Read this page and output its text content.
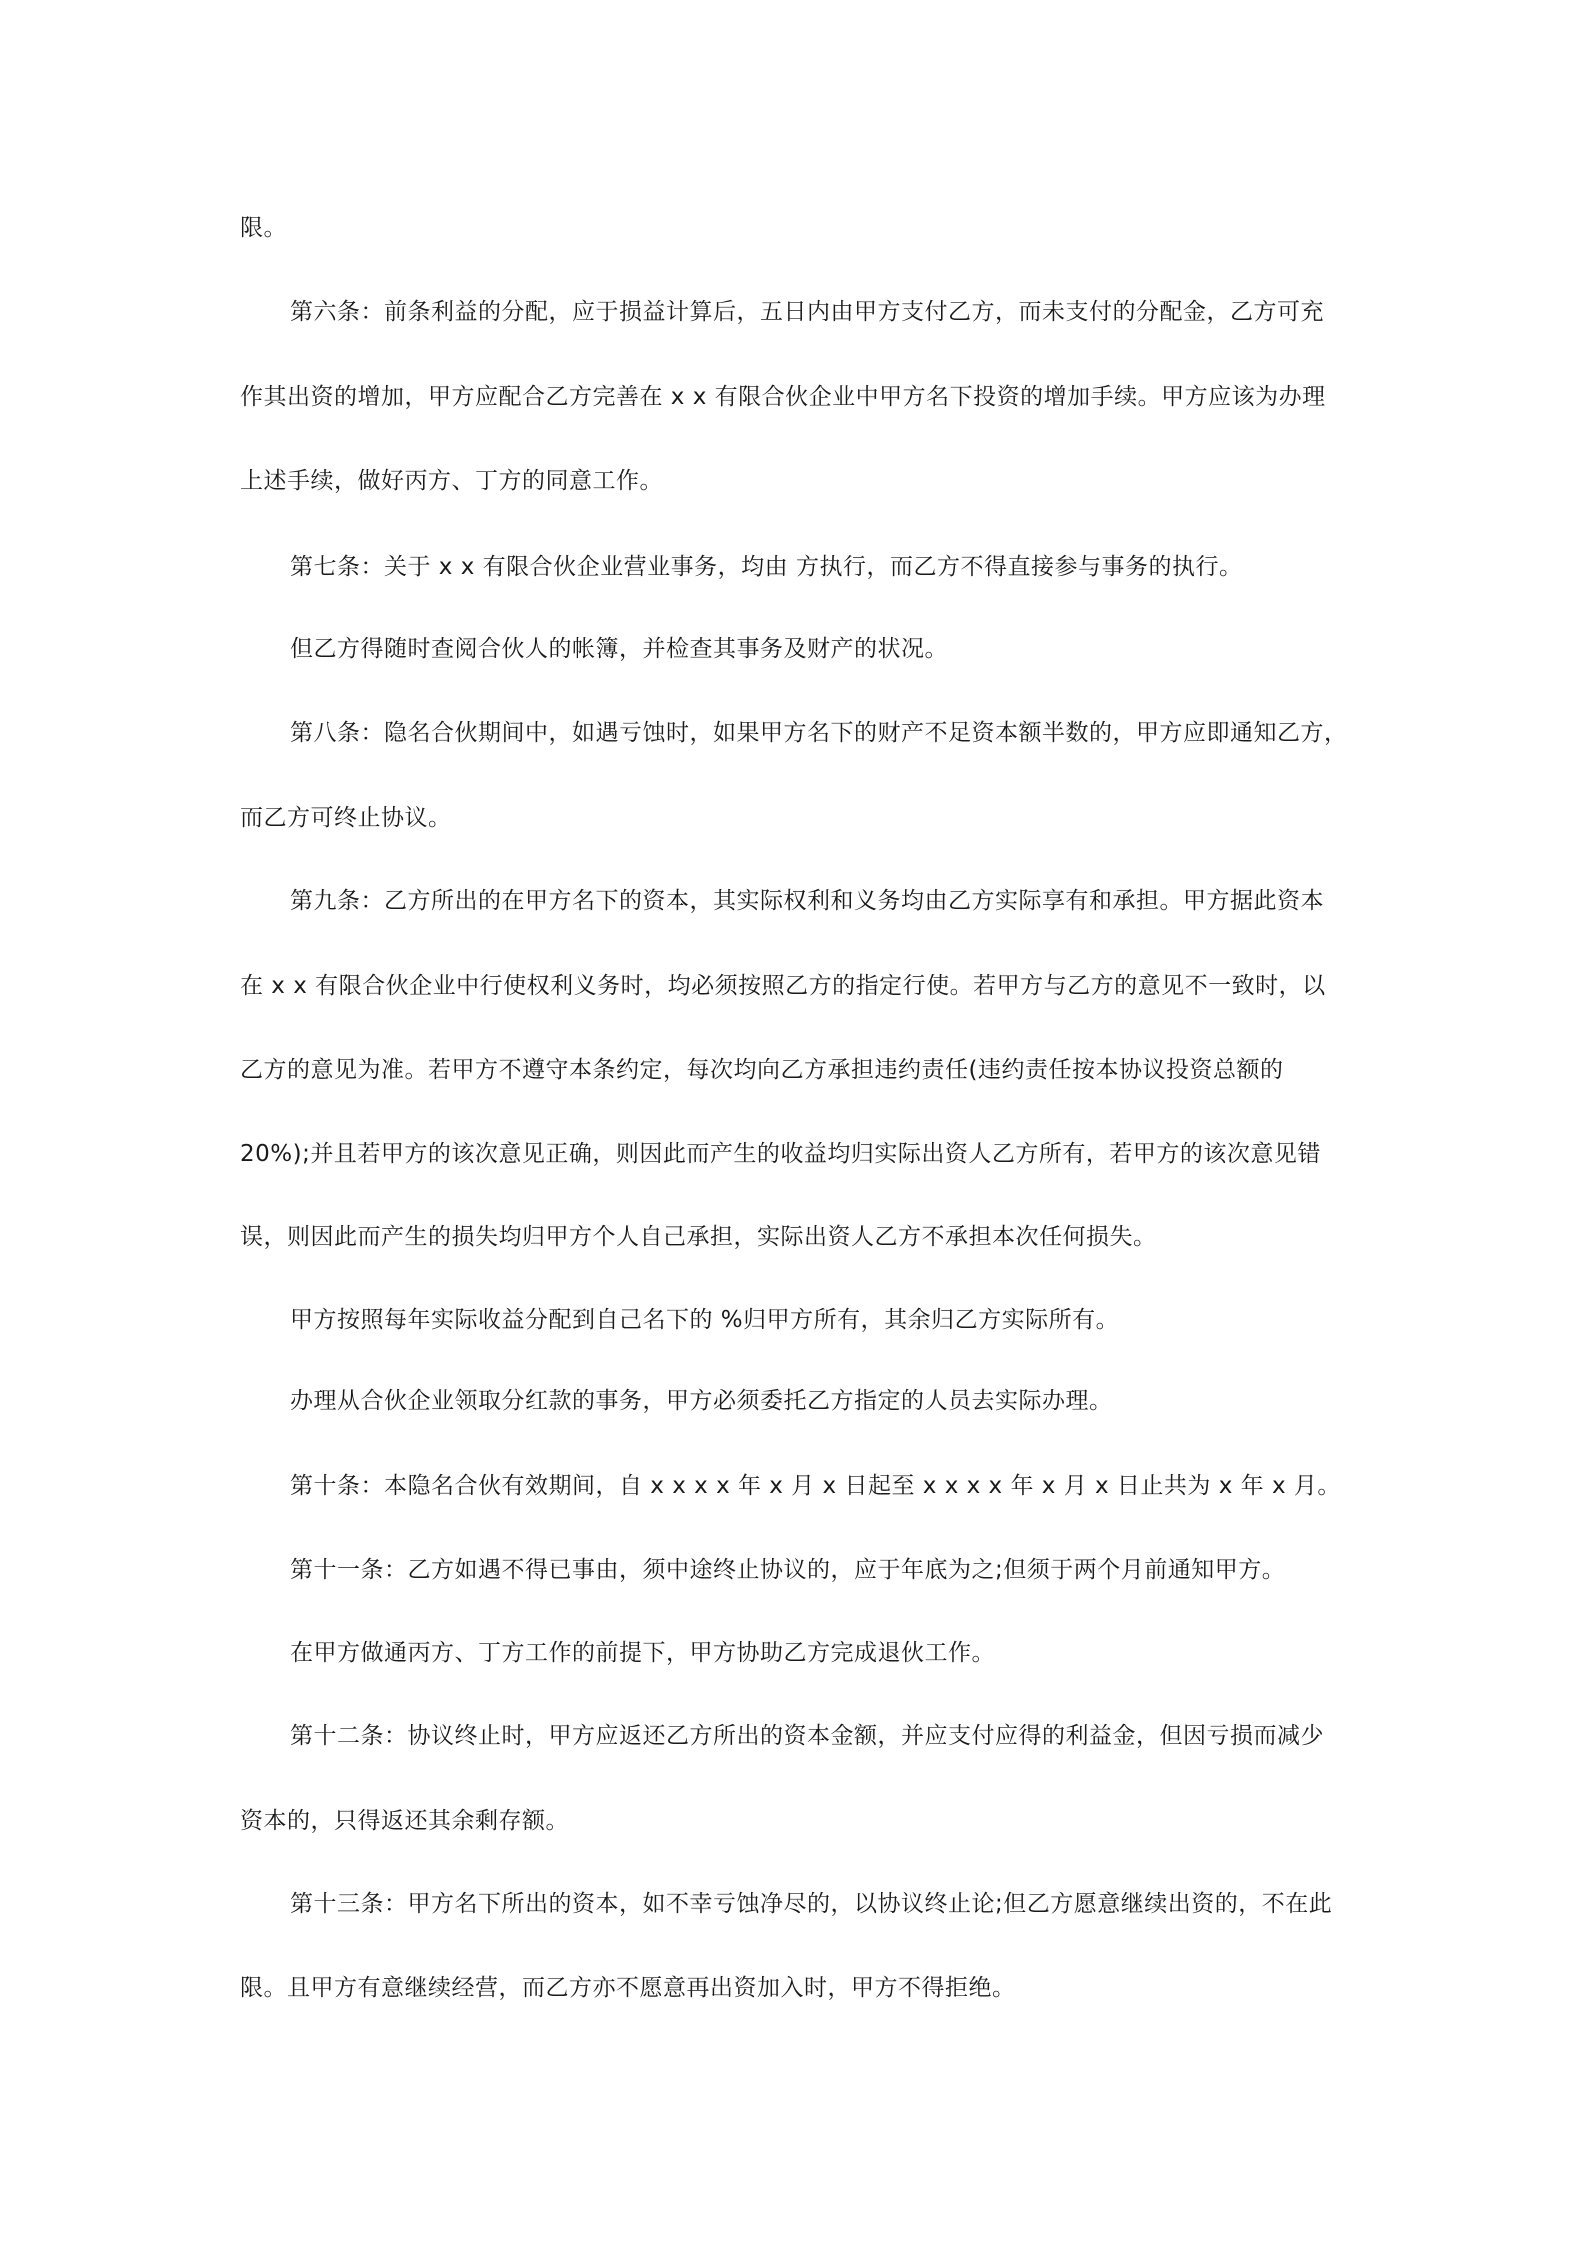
限。
第六条：前条利益的分配，应于损益计算后，五日内由甲方支付乙方，而未支付的分配金，乙方可充
作其出资的增加，甲方应配合乙方完善在 x x 有限合伙企业中甲方名下投资的增加手续。甲方应该为办理
上述手续，做好丙方、丁方的同意工作。
第七条：关于 x x 有限合伙企业营业事务，均由 方执行，而乙方不得直接参与事务的执行。
但乙方得随时查阅合伙人的帐簿，并检查其事务及财产的状况。
第八条：隐名合伙期间中，如遇亏蚀时，如果甲方名下的财产不足资本额半数的，甲方应即通知乙方，
而乙方可终止协议。
第九条：乙方所出的在甲方名下的资本，其实际权利和义务均由乙方实际享有和承担。甲方据此资本
在 x x 有限合伙企业中行使权利义务时，均必须按照乙方的指定行使。若甲方与乙方的意见不一致时，以
乙方的意见为准。若甲方不遵守本条约定，每次均向乙方承担违约责任(违约责任按本协议投资总额的
20%);并且若甲方的该次意见正确，则因此而产生的收益均归实际出资人乙方所有，若甲方的该次意见错
误，则因此而产生的损失均归甲方个人自己承担，实际出资人乙方不承担本次任何损失。
甲方按照每年实际收益分配到自己名下的 %归甲方所有，其余归乙方实际所有。
办理从合伙企业领取分红款的事务，甲方必须委托乙方指定的人员去实际办理。
第十条：本隐名合伙有效期间，自 x x x x 年 x 月 x 日起至 x x x x 年 x 月 x 日止共为 x 年 x 月。
第十一条：乙方如遇不得已事由，须中途终止协议的，应于年底为之;但须于两个月前通知甲方。
在甲方做通丙方、丁方工作的前提下，甲方协助乙方完成退伙工作。
第十二条：协议终止时，甲方应返还乙方所出的资本金额，并应支付应得的利益金，但因亏损而减少
资本的，只得返还其余剩存额。
第十三条：甲方名下所出的资本，如不幸亏蚀净尽的，以协议终止论;但乙方愿意继续出资的，不在此
限。且甲方有意继续经营，而乙方亦不愿意再出资加入时，甲方不得拒绝。
